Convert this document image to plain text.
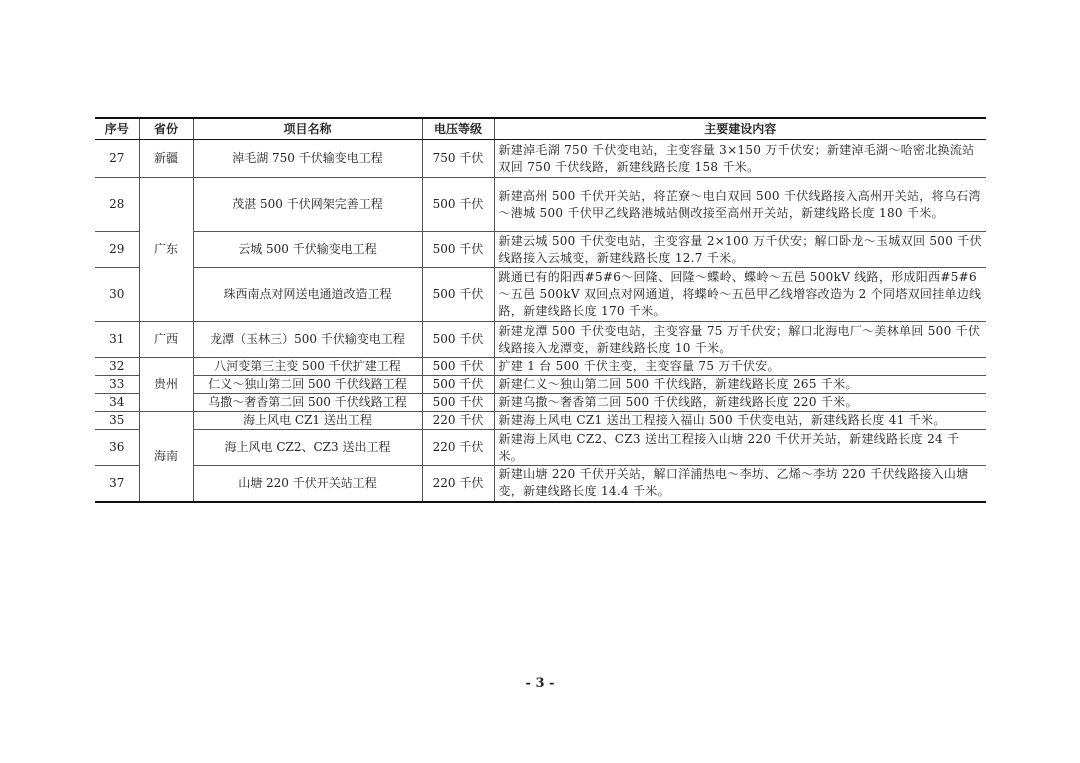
序号	省份	项目名称	电压等级	主要建设内容
27	新疆	淖毛湖 750 千伏输变电工程	750 千伏	新建淖毛湖 750 千伏变电站，主变容量 3×150 万千伏安；新建淖毛湖～哈密北换流站双回 750 千伏线路，新建线路长度 158 千米。
28	广东	茂湛 500 千伏网架完善工程	500 千伏	新建高州 500 千伏开关站，将芷寮～电白双回 500 千伏线路接入高州开关站，将乌石湾～港城 500 千伏甲乙线路港城站侧改接至高州开关站，新建线路长度 180 千米。
29		云城 500 千伏输变电工程	500 千伏	新建云城 500 千伏变电站，主变容量 2×100 万千伏安；解口卧龙～玉城双回 500 千伏线路接入云城变，新建线路长度 12.7 千米。
30		珠西南点对网送电通道改造工程	500 千伏	跳通已有的阳西#5#6～回隆、回隆～蝶岭、蝶岭～五邑 500kV 线路，形成阳西#5#6～五邑 500kV 双回点对网通道，将蝶岭～五邑甲乙线增容改造为 2 个同塔双回挂单边线路，新建线路长度 170 千米。
31	广西	龙潭（玉林三）500 千伏输变电工程	500 千伏	新建龙潭 500 千伏变电站，主变容量 75 万千伏安；解口北海电厂～美林单回 500 千伏线路接入龙潭变，新建线路长度 10 千米。
32	贵州	八河变第三主变 500 千伏扩建工程	500 千伏	扩建 1 台 500 千伏主变，主变容量 75 万千伏安。
33		仁义～独山第二回 500 千伏线路工程	500 千伏	新建仁义～独山第二回 500 千伏线路，新建线路长度 265 千米。
34		乌撒～奢香第二回 500 千伏线路工程	500 千伏	新建乌撒～奢香第二回 500 千伏线路，新建线路长度 220 千米。
35	海南	海上风电 CZ1 送出工程	220 千伏	新建海上风电 CZ1 送出工程接入福山 500 千伏变电站，新建线路长度 41 千米。
36		海上风电 CZ2、CZ3 送出工程	220 千伏	新建海上风电 CZ2、CZ3 送出工程接入山塘 220 千伏开关站，新建线路长度 24 千米。
37		山塘 220 千伏开关站工程	220 千伏	新建山塘 220 千伏开关站，解口洋浦热电～李坊、乙烯～李坊 220 千伏线路接入山塘变，新建线路长度 14.4 千米。
- 3 -
